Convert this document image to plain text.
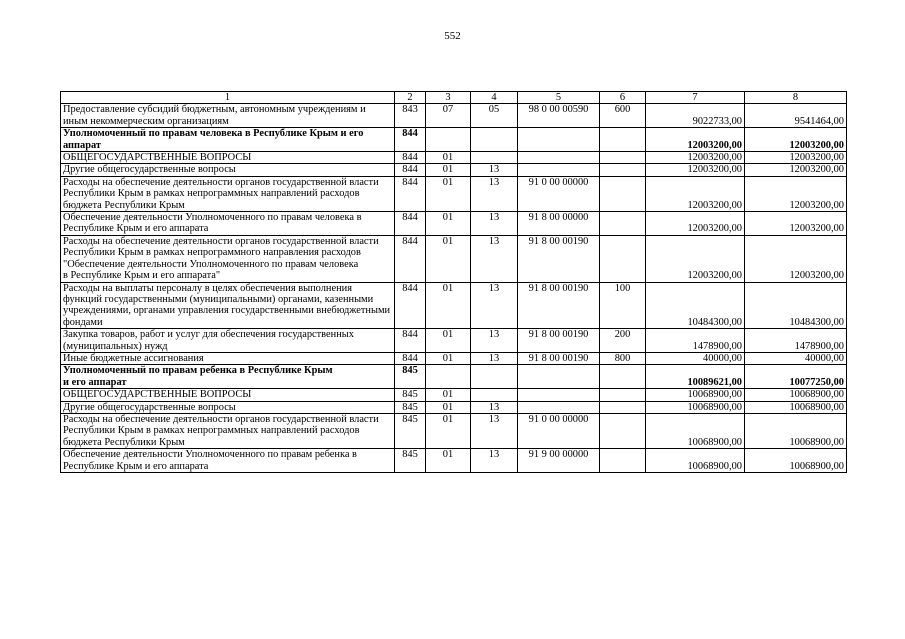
552
1	2	3	4	5	6	7	8
Предоставление субсидий бюджетным, автономным учреждениям и иным некоммерческим организациям	843	07	05	98 0 00 00590	600	9022733,00	9541464,00
Уполномоченный по правам человека в Республике Крым и его аппарат	844					12003200,00	12003200,00
ОБЩЕГОСУДАРСТВЕННЫЕ ВОПРОСЫ	844	01				12003200,00	12003200,00
Другие общегосударственные вопросы	844	01	13			12003200,00	12003200,00
Расходы на обеспечение деятельности органов государственной власти Республики Крым в рамках непрограммных направлений расходов бюджета Республики Крым	844	01	13	91 0 00 00000		12003200,00	12003200,00
Обеспечение деятельности Уполномоченного по правам человека в Республике Крым и его аппарата	844	01	13	91 8 00 00000		12003200,00	12003200,00
Расходы на обеспечение деятельности органов государственной власти Республики Крым в рамках непрограммного направления расходов "Обеспечение деятельности Уполномоченного по правам человека
в Республике Крым и его аппарата"	844	01	13	91 8 00 00190		12003200,00	12003200,00
Расходы на выплаты персоналу в целях обеспечения выполнения функций государственными (муниципальными) органами, казенными учреждениями, органами управления государственными внебюджетными фондами	844	01	13	91 8 00 00190	100	10484300,00	10484300,00
Закупка товаров, работ и услуг для обеспечения государственных (муниципальных) нужд	844	01	13	91 8 00 00190	200	1478900,00	1478900,00
Иные бюджетные ассигнования	844	01	13	91 8 00 00190	800	40000,00	40000,00
Уполномоченный по правам ребенка в Республике Крым
и его аппарат	845					10089621,00	10077250,00
ОБЩЕГОСУДАРСТВЕННЫЕ ВОПРОСЫ	845	01				10068900,00	10068900,00
Другие общегосударственные вопросы	845	01	13			10068900,00	10068900,00
Расходы на обеспечение деятельности органов государственной власти Республики Крым в рамках непрограммных направлений расходов бюджета Республики Крым	845	01	13	91 0 00 00000		10068900,00	10068900,00
Обеспечение деятельности Уполномоченного по правам ребенка в Республике Крым и его аппарата	845	01	13	91 9 00 00000		10068900,00	10068900,00
